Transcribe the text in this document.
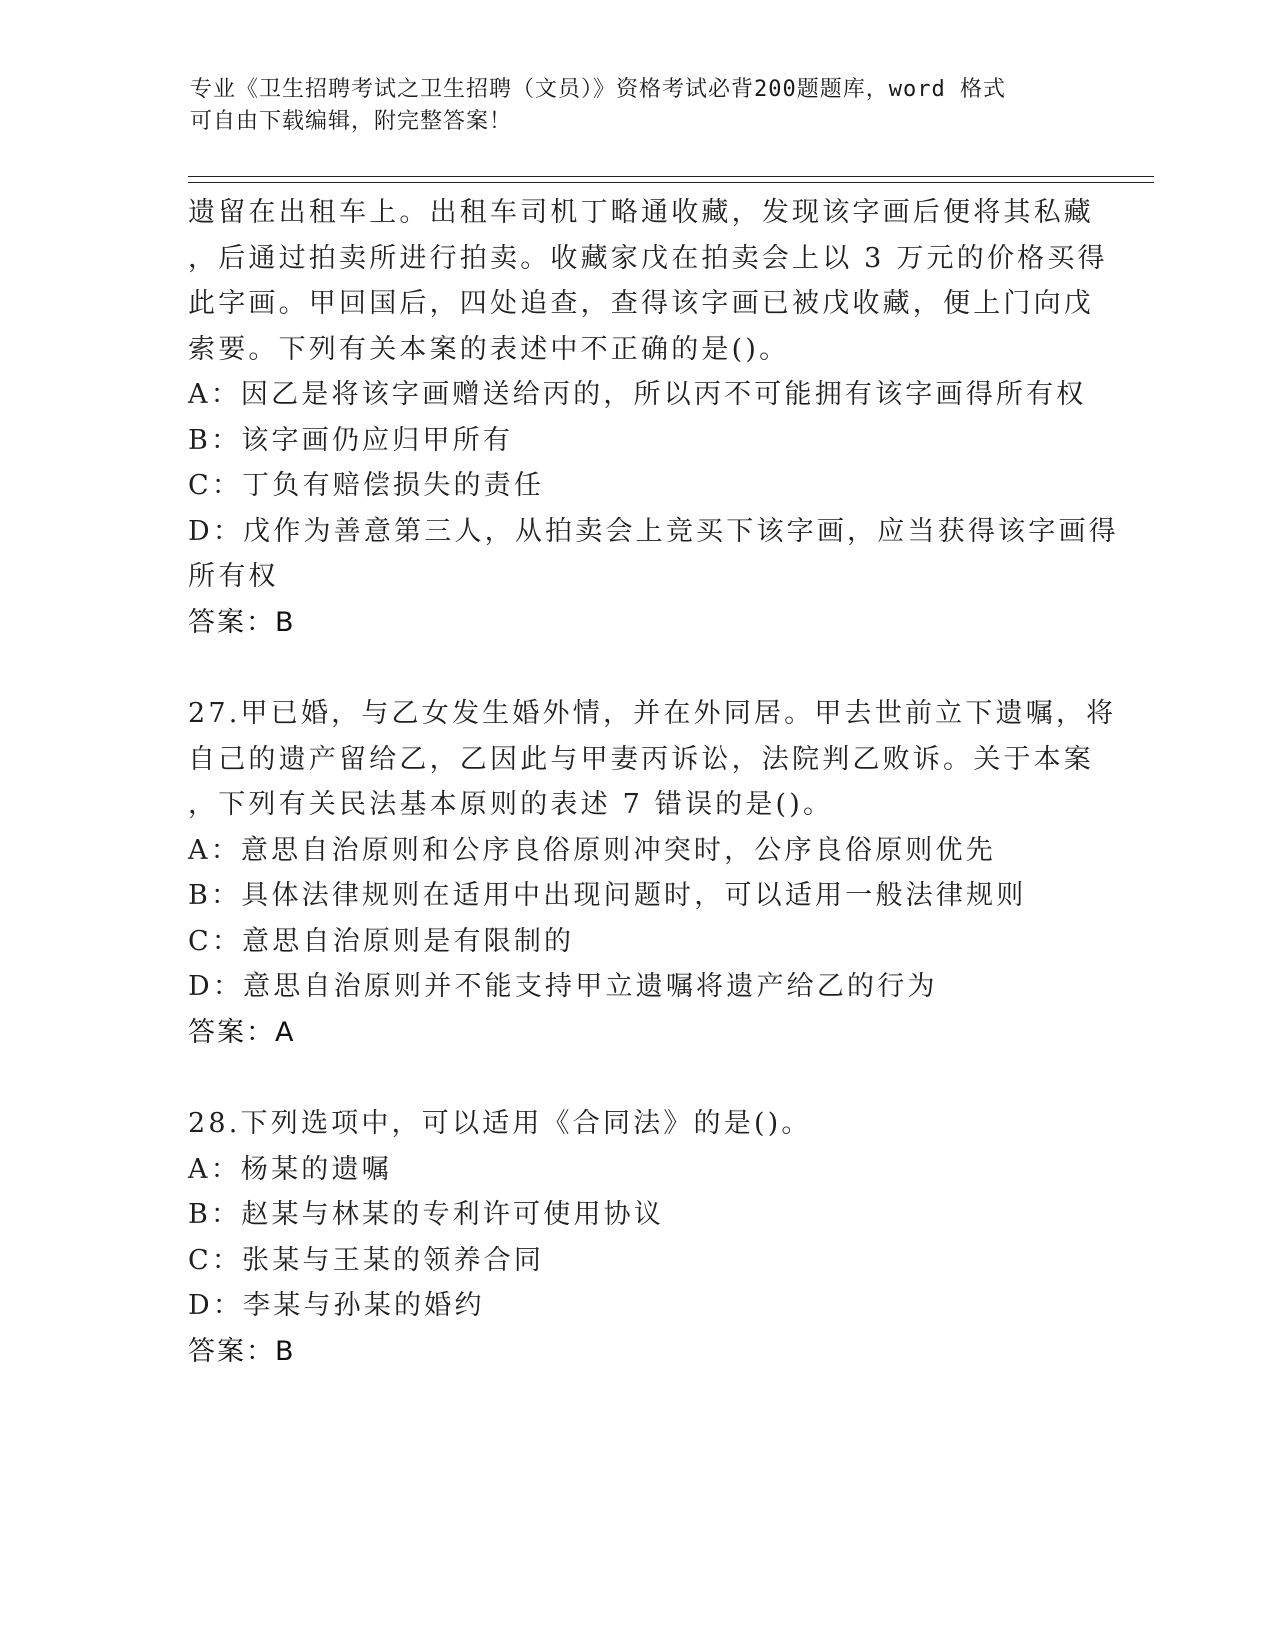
专业《卫生招聘考试之卫生招聘（文员）》资格考试必背200题题库，word 格式
可自由下载编辑，附完整答案！
遗留在出租车上。出租车司机丁略通收藏，发现该字画后便将其私藏
，后通过拍卖所进行拍卖。收藏家戊在拍卖会上以 3 万元的价格买得
此字画。甲回国后，四处追查，查得该字画已被戊收藏，便上门向戊
索要。下列有关本案的表述中不正确的是()。
A：因乙是将该字画赠送给丙的，所以丙不可能拥有该字画得所有权
B：该字画仍应归甲所有
C：丁负有赔偿损失的责任
D：戊作为善意第三人，从拍卖会上竞买下该字画，应当获得该字画得
所有权
答案：B
27.甲已婚，与乙女发生婚外情，并在外同居。甲去世前立下遗嘱，将
自己的遗产留给乙，乙因此与甲妻丙诉讼，法院判乙败诉。关于本案
，下列有关民法基本原则的表述 7 错误的是()。
A：意思自治原则和公序良俗原则冲突时，公序良俗原则优先
B：具体法律规则在适用中出现问题时，可以适用一般法律规则
C：意思自治原则是有限制的
D：意思自治原则并不能支持甲立遗嘱将遗产给乙的行为
答案：A
28.下列选项中，可以适用《合同法》的是()。
A：杨某的遗嘱
B：赵某与林某的专利许可使用协议
C：张某与王某的领养合同
D：李某与孙某的婚约
答案：B
